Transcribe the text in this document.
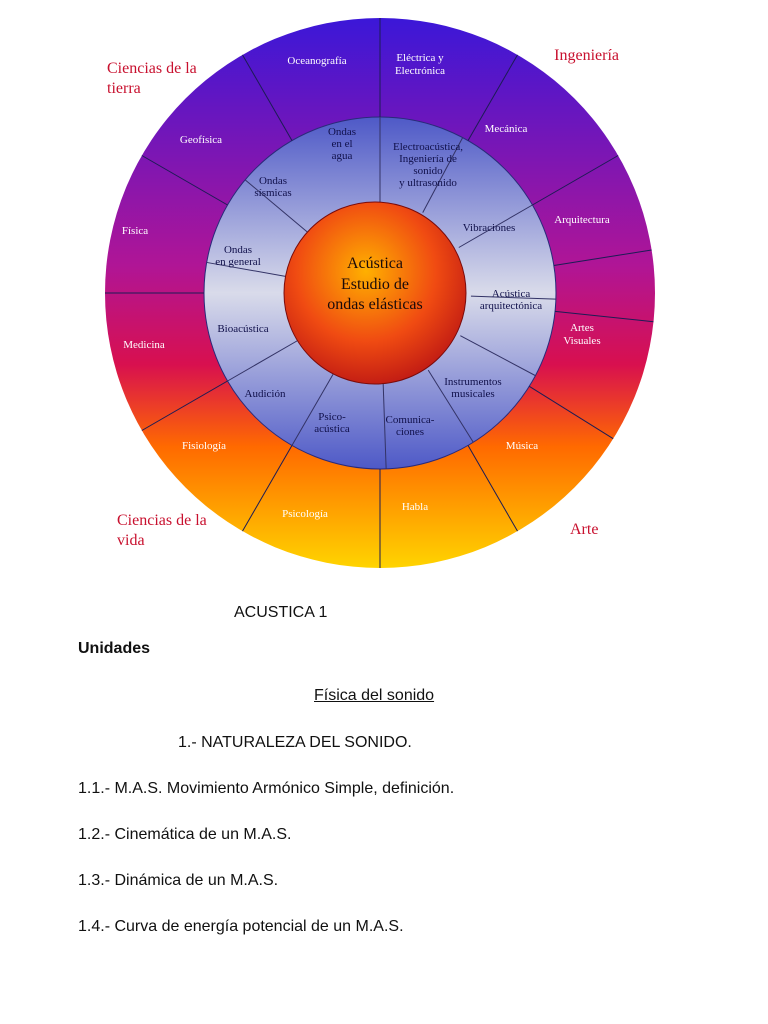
Oceanografía	Eléctrica y Electrónica
Mecánica
Arquitectura
Artes Visuales
Música
Habla
Psicología
Fisiología
Medicina
Física
Geofísica
Ondas en el agua
Electroacústica, Ingeniería de sonido y ultrasonido
Vibraciones
Acústica arquitectónica
Instrumentos musicales
Comunica-ciones
Psico-acústica
Audición
Bioacústica
Ondas en general
Ondas sísmicas
Ciencias de la tierra
Ingeniería
Ciencias de la vida
Arte
Acústica
Estudio de
ondas elásticas

ACUSTICA 1

Unidades

Física del sonido

1.- NATURALEZA DEL SONIDO.

1.1.- M.A.S. Movimiento Armónico Simple, definición.

1.2.- Cinemática de un M.A.S.

1.3.- Dinámica de un M.A.S.

1.4.- Curva de energía potencial de un M.A.S.
